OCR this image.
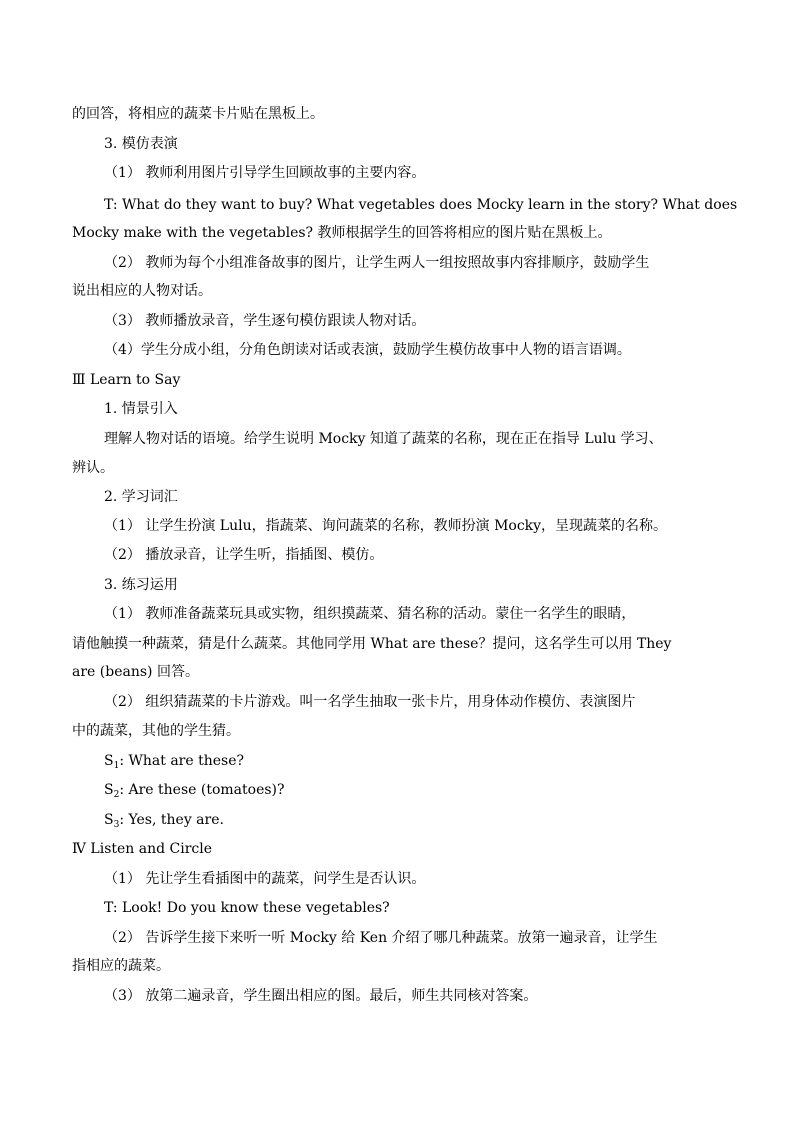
的回答，将相应的蔬菜卡片贴在黑板上。
3. 模仿表演
（1） 教师利用图片引导学生回顾故事的主要内容。
T: What do they want to buy? What vegetables does Mocky learn in the story? What does
Mocky make with the vegetables? 教师根据学生的回答将相应的图片贴在黑板上。
（2） 教师为每个小组准备故事的图片，让学生两人一组按照故事内容排顺序，鼓励学生
说出相应的人物对话。
（3） 教师播放录音，学生逐句模仿跟读人物对话。
（4）学生分成小组，分角色朗读对话或表演，鼓励学生模仿故事中人物的语言语调。
Ⅲ Learn to Say
1. 情景引入
理解人物对话的语境。给学生说明 Mocky 知道了蔬菜的名称，现在正在指导 Lulu 学习、
辨认。
2. 学习词汇
（1） 让学生扮演 Lulu，指蔬菜、询问蔬菜的名称，教师扮演 Mocky，呈现蔬菜的名称。
（2） 播放录音，让学生听，指插图、模仿。
3. 练习运用
（1） 教师准备蔬菜玩具或实物，组织摸蔬菜、猜名称的活动。蒙住一名学生的眼睛，
请他触摸一种蔬菜，猜是什么蔬菜。其他同学用 What are these？提问，这名学生可以用 They
are (beans) 回答。
（2） 组织猜蔬菜的卡片游戏。叫一名学生抽取一张卡片，用身体动作模仿、表演图片
中的蔬菜，其他的学生猜。
$S_1$: What are these?
$S_2$: Are these (tomatoes)?
$S_3$: Yes, they are.
Ⅳ Listen and Circle
（1） 先让学生看插图中的蔬菜，问学生是否认识。
T: Look! Do you know these vegetables?
（2） 告诉学生接下来听一听 Mocky 给 Ken 介绍了哪几种蔬菜。放第一遍录音，让学生
指相应的蔬菜。
（3） 放第二遍录音，学生圈出相应的图。最后，师生共同核对答案。
